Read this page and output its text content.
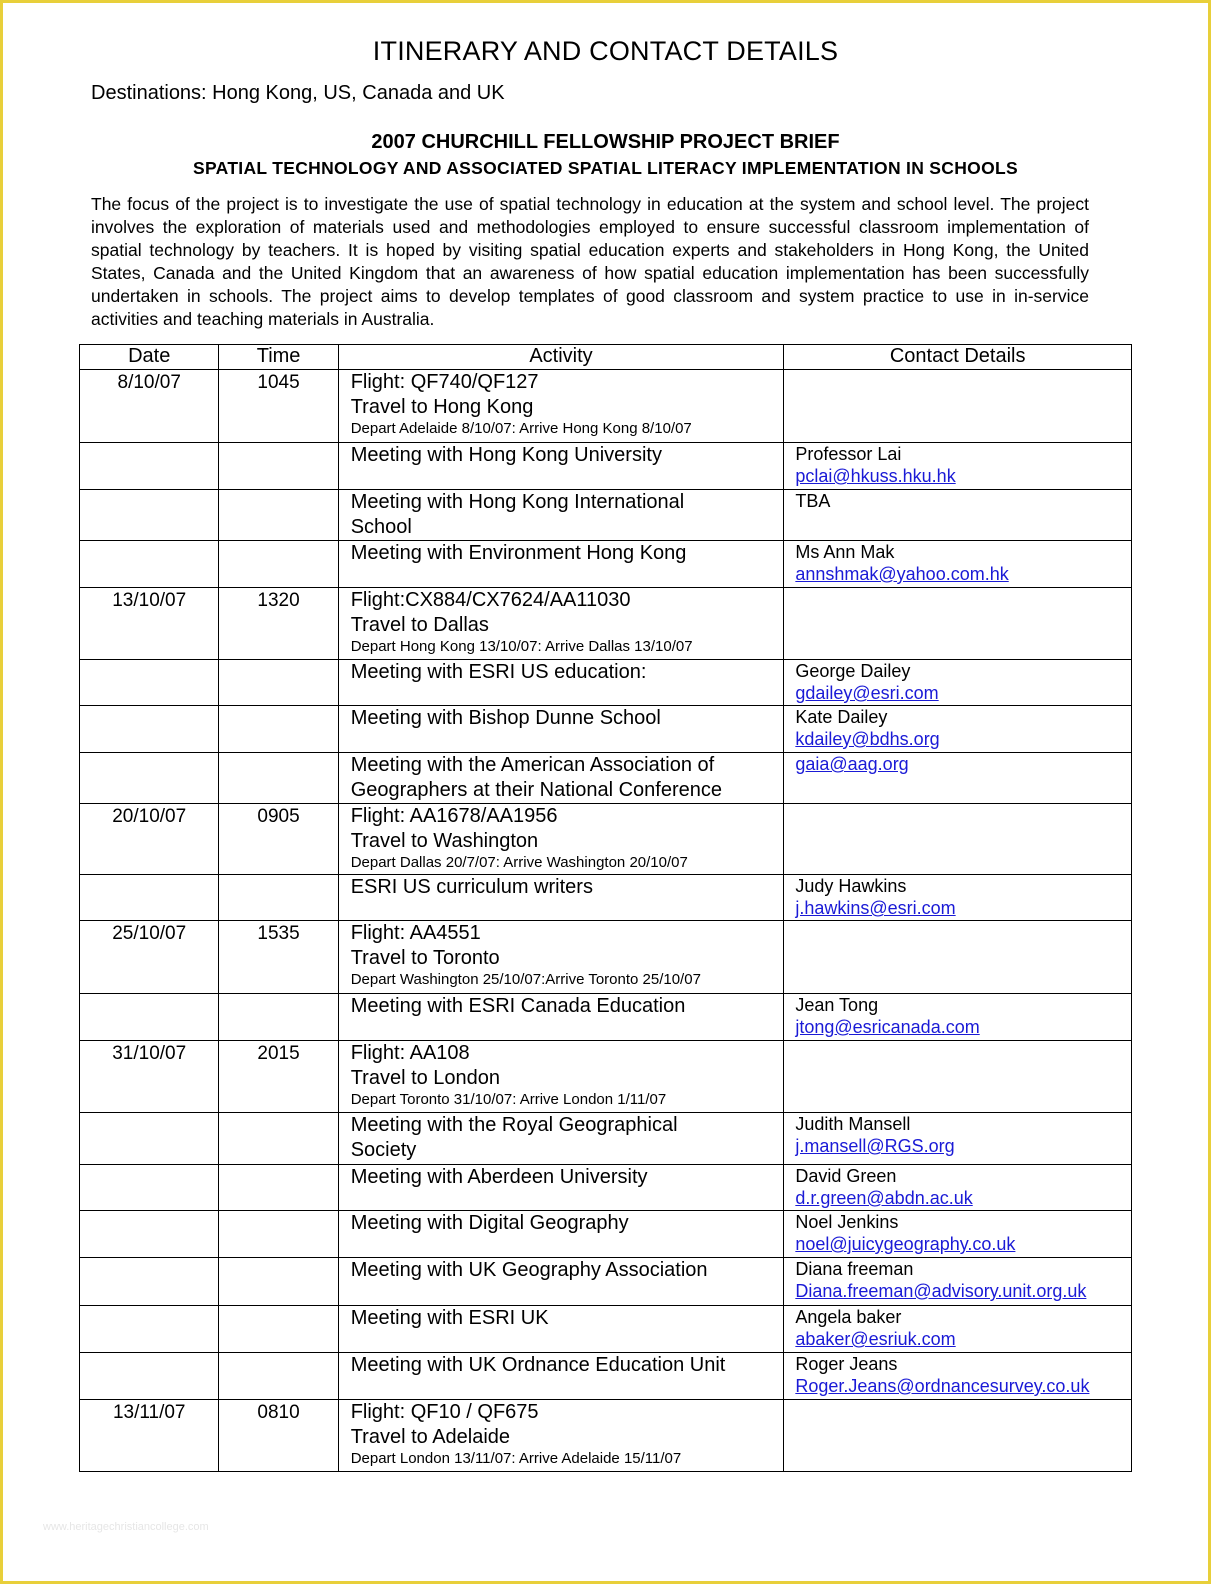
ITINERARY AND CONTACT DETAILS
Destinations: Hong Kong, US, Canada and UK
2007 CHURCHILL FELLOWSHIP PROJECT BRIEF
SPATIAL TECHNOLOGY AND ASSOCIATED SPATIAL LITERACY IMPLEMENTATION IN SCHOOLS
The focus of the project is to investigate the use of spatial technology in education at the system and school level. The project involves the exploration of materials used and methodologies employed to ensure successful classroom implementation of spatial technology by teachers. It is hoped by visiting spatial education experts and stakeholders in Hong Kong, the United States, Canada and the United Kingdom that an awareness of how spatial education implementation has been successfully undertaken in schools. The project aims to develop templates of good classroom and system practice to use in in-service activities and teaching materials in Australia.
Date	Time	Activity	Contact Details
8/10/07	1045	Flight: QF740/QF127
Travel to Hong Kong
Depart Adelaide 8/10/07: Arrive Hong Kong 8/10/07	

		Meeting with Hong Kong University	Professor Lai
pclai@hkuss.hku.hk

		Meeting with Hong Kong International
School	TBA

		Meeting with Environment Hong Kong	Ms Ann Mak
annshmak@yahoo.com.hk

13/10/07	1320	Flight:CX884/CX7624/AA11030
Travel to Dallas
Depart Hong Kong 13/10/07: Arrive Dallas 13/10/07	

		Meeting with ESRI US education:	George Dailey
gdailey@esri.com

		Meeting with Bishop Dunne School	Kate Dailey
kdailey@bdhs.org

		Meeting with the American Association of
Geographers at their National Conference	gaia@aag.org

20/10/07	0905	Flight: AA1678/AA1956
Travel to Washington
Depart Dallas 20/7/07: Arrive Washington 20/10/07	

		ESRI US curriculum writers	Judy Hawkins
j.hawkins@esri.com

25/10/07	1535	Flight: AA4551
Travel to Toronto
Depart Washington 25/10/07:Arrive Toronto 25/10/07	

		Meeting with ESRI Canada Education	Jean Tong
jtong@esricanada.com

31/10/07	2015	Flight: AA108
Travel to London
Depart Toronto 31/10/07: Arrive London 1/11/07	

		Meeting with the Royal Geographical
Society	Judith Mansell
j.mansell@RGS.org

		Meeting with Aberdeen University	David Green
d.r.green@abdn.ac.uk

		Meeting with Digital Geography	Noel Jenkins
noel@juicygeography.co.uk

		Meeting with UK Geography Association	Diana freeman
Diana.freeman@advisory.unit.org.uk

		Meeting with ESRI UK	Angela baker
abaker@esriuk.com

		Meeting with UK Ordnance Education Unit	Roger Jeans
Roger.Jeans@ordnancesurvey.co.uk

13/11/07	0810	Flight: QF10 / QF675
Travel to Adelaide
Depart London 13/11/07: Arrive Adelaide 15/11/07	

www.heritagechristiancollege.com
